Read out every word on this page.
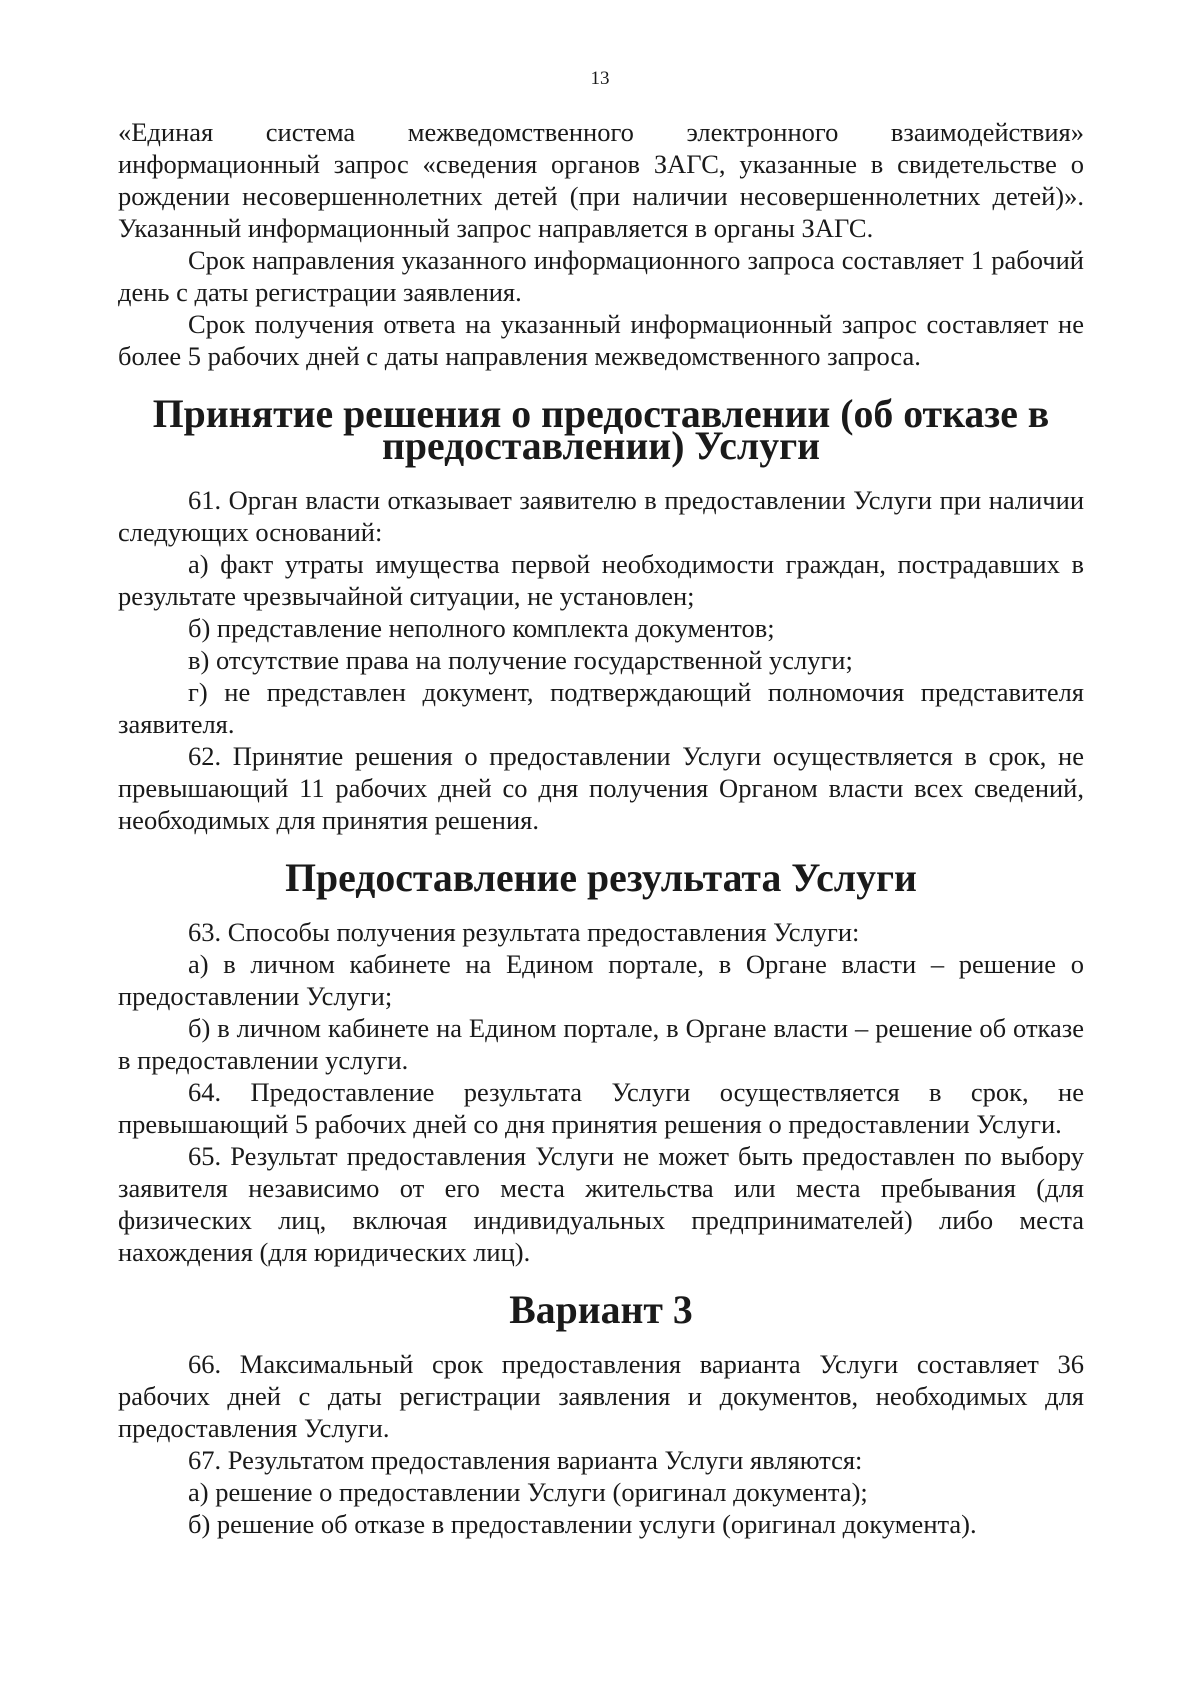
13

«Единая система межведомственного электронного взаимодействия» информационный запрос «сведения органов ЗАГС, указанные в свидетельстве о рождении несовершеннолетних детей (при наличии несовершеннолетних детей)». Указанный информационный запрос направляется в органы ЗАГС.

Срок направления указанного информационного запроса составляет 1 рабочий день с даты регистрации заявления.

Срок получения ответа на указанный информационный запрос составляет не более 5 рабочих дней с даты направления межведомственного запроса.

Принятие решения о предоставлении (об отказе в предоставлении) Услуги

61. Орган власти отказывает заявителю в предоставлении Услуги при наличии следующих оснований:

а) факт утраты имущества первой необходимости граждан, пострадавших в результате чрезвычайной ситуации, не установлен;

б) представление неполного комплекта документов;

в) отсутствие права на получение государственной услуги;

г) не представлен документ, подтверждающий полномочия представителя заявителя.

62. Принятие решения о предоставлении Услуги осуществляется в срок, не превышающий 11 рабочих дней со дня получения Органом власти всех сведений, необходимых для принятия решения.

Предоставление результата Услуги

63. Способы получения результата предоставления Услуги:

а) в личном кабинете на Едином портале, в Органе власти – решение о предоставлении Услуги;

б) в личном кабинете на Едином портале, в Органе власти – решение об отказе в предоставлении услуги.

64. Предоставление результата Услуги осуществляется в срок, не превышающий 5 рабочих дней со дня принятия решения о предоставлении Услуги.

65. Результат предоставления Услуги не может быть предоставлен по выбору заявителя независимо от его места жительства или места пребывания (для физических лиц, включая индивидуальных предпринимателей) либо места нахождения (для юридических лиц).

Вариант 3

66. Максимальный срок предоставления варианта Услуги составляет 36 рабочих дней с даты регистрации заявления и документов, необходимых для предоставления Услуги.

67. Результатом предоставления варианта Услуги являются:

а) решение о предоставлении Услуги (оригинал документа);

б) решение об отказе в предоставлении услуги (оригинал документа).
